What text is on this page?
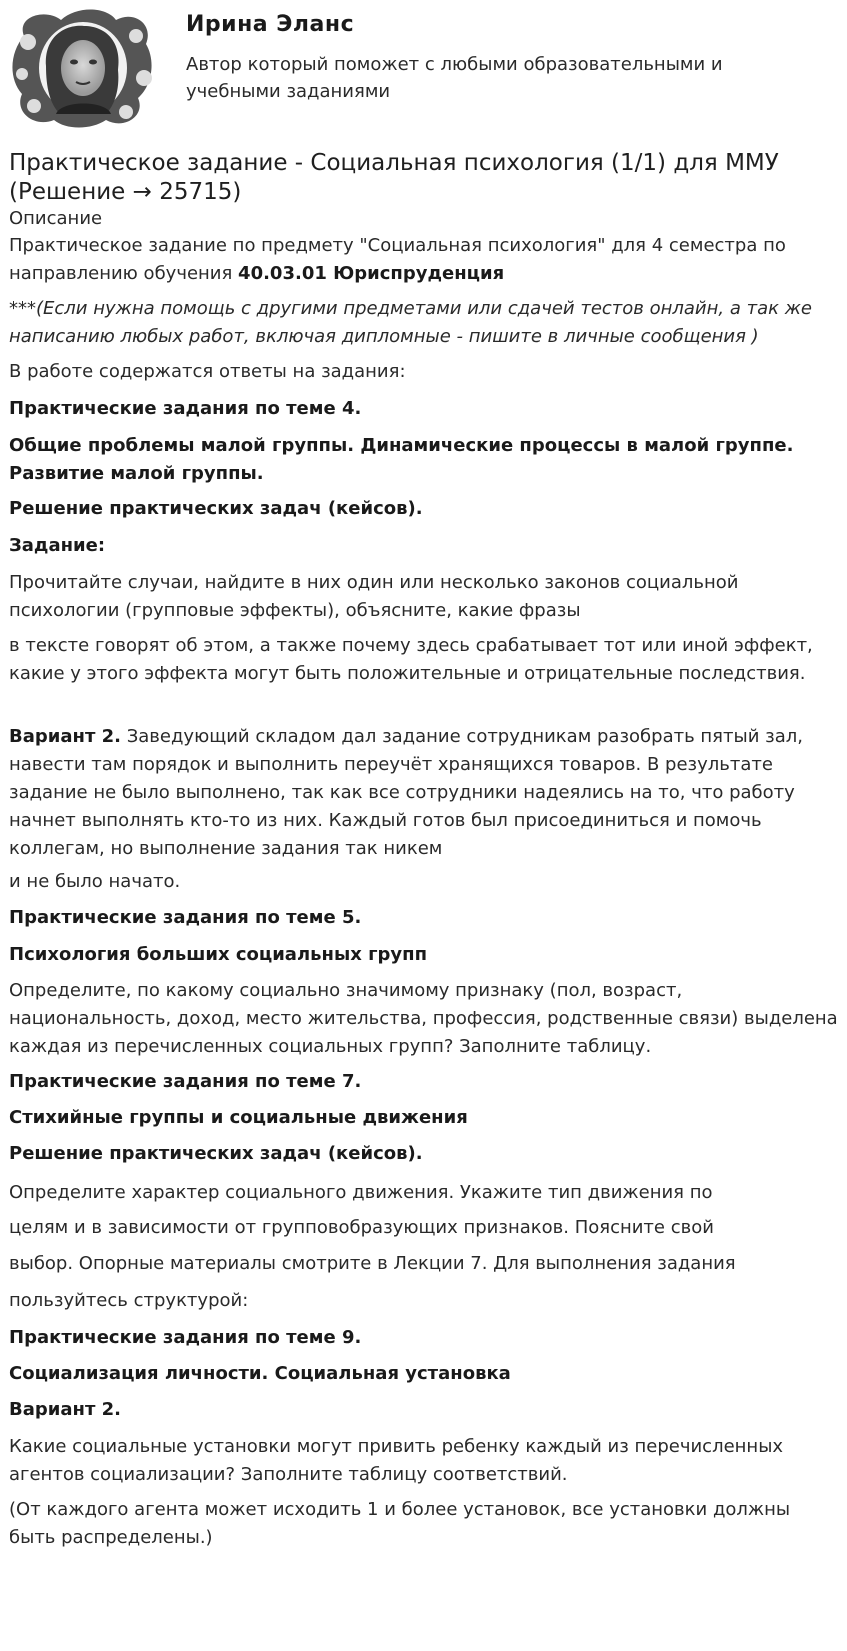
Ирина Эланс
Автор который поможет с любыми образовательными и учебными заданиями
Практическое задание - Социальная психология (1/1) для ММУ (Решение → 25715)
Описание
Практическое задание по предмету "Социальная психология" для 4 семестра по направлению обучения 40.03.01 Юриспруденция
***(Если нужна помощь с другими предметами или сдачей тестов онлайн, а так же написанию любых работ, включая дипломные - пишите в личные сообщения )
В работе содержатся ответы на задания:
Практические задания по теме 4.
Общие проблемы малой группы. Динамические процессы в малой группе. Развитие малой группы.
Решение практических задач (кейсов).
Задание:
Прочитайте случаи, найдите в них один или несколько законов социальной психологии (групповые эффекты), объясните, какие фразы
в тексте говорят об этом, а также почему здесь срабатывает тот или иной эффект, какие у этого эффекта могут быть положительные и отрицательные последствия.
Вариант 2. Заведующий складом дал задание сотрудникам разобрать пятый зал, навести там порядок и выполнить переучёт хранящихся товаров. В результате задание не было выполнено, так как все сотрудники надеялись на то, что работу начнет выполнять кто-то из них. Каждый готов был присоединиться и помочь коллегам, но выполнение задания так никем
и не было начато.
Практические задания по теме 5.
Психология больших социальных групп
Определите, по какому социально значимому признаку (пол, возраст, национальность, доход, место жительства, профессия, родственные связи) выделена каждая из перечисленных социальных групп? Заполните таблицу.
Практические задания по теме 7.
Стихийные группы и социальные движения
Решение практических задач (кейсов).
Определите характер социального движения. Укажите тип движения по
целям и в зависимости от групповобразующих признаков. Поясните свой
выбор. Опорные материалы смотрите в Лекции 7. Для выполнения задания
пользуйтесь структурой:
Практические задания по теме 9.
Социализация личности. Социальная установка
Вариант 2.
Какие социальные установки могут привить ребенку каждый из перечисленных агентов социализации? Заполните таблицу соответствий.
(От каждого агента может исходить 1 и более установок, все установки должны быть распределены.)
